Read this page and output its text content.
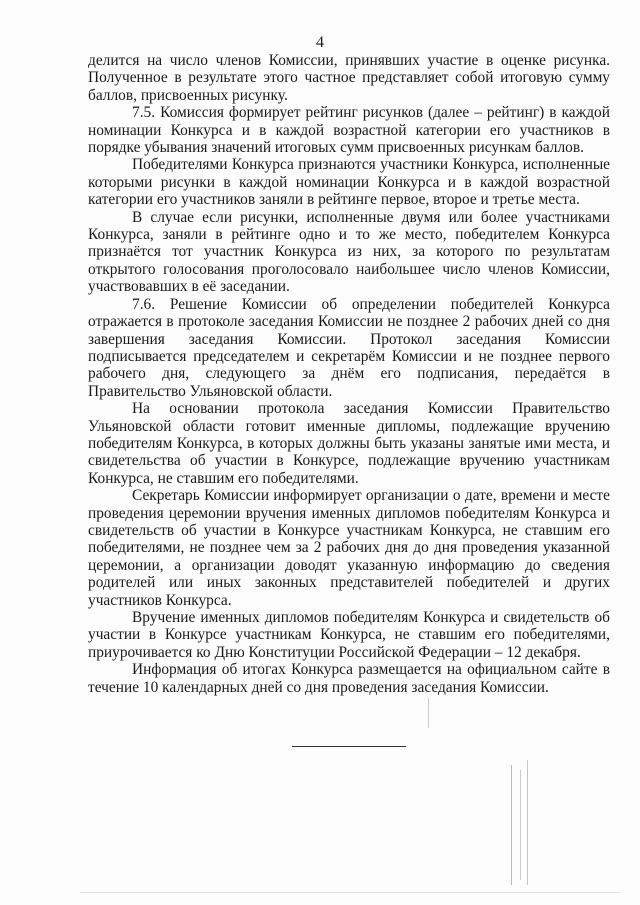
4

делится на число членов Комиссии, принявших участие в оценке рисунка. Полученное в результате этого частное представляет собой итоговую сумму баллов, присвоенных рисунку.

7.5. Комиссия формирует рейтинг рисунков (далее – рейтинг) в каждой номинации Конкурса и в каждой возрастной категории его участников в порядке убывания значений итоговых сумм присвоенных рисункам баллов.

Победителями Конкурса признаются участники Конкурса, исполненные которыми рисунки в каждой номинации Конкурса и в каждой возрастной категории его участников заняли в рейтинге первое, второе и третье места.

В случае если рисунки, исполненные двумя или более участниками Конкурса, заняли в рейтинге одно и то же место, победителем Конкурса признаётся тот участник Конкурса из них, за которого по результатам открытого голосования проголосовало наибольшее число членов Комиссии, участвовавших в её заседании.

7.6. Решение Комиссии об определении победителей Конкурса отражается в протоколе заседания Комиссии не позднее 2 рабочих дней со дня завершения заседания Комиссии. Протокол заседания Комиссии подписывается председателем и секретарём Комиссии и не позднее первого рабочего дня, следующего за днём его подписания, передаётся в Правительство Ульяновской области.

На основании протокола заседания Комиссии Правительство Ульяновской области готовит именные дипломы, подлежащие вручению победителям Конкурса, в которых должны быть указаны занятые ими места, и свидетельства об участии в Конкурсе, подлежащие вручению участникам Конкурса, не ставшим его победителями.

Секретарь Комиссии информирует организации о дате, времени и месте проведения церемонии вручения именных дипломов победителям Конкурса и свидетельств об участии в Конкурсе участникам Конкурса, не ставшим его победителями, не позднее чем за 2 рабочих дня до дня проведения указанной церемонии, а организации доводят указанную информацию до сведения родителей или иных законных представителей победителей и других участников Конкурса.

Вручение именных дипломов победителям Конкурса и свидетельств об участии в Конкурсе участникам Конкурса, не ставшим его победителями, приурочивается ко Дню Конституции Российской Федерации – 12 декабря.

Информация об итогах Конкурса размещается на официальном сайте в течение 10 календарных дней со дня проведения заседания Комиссии.
